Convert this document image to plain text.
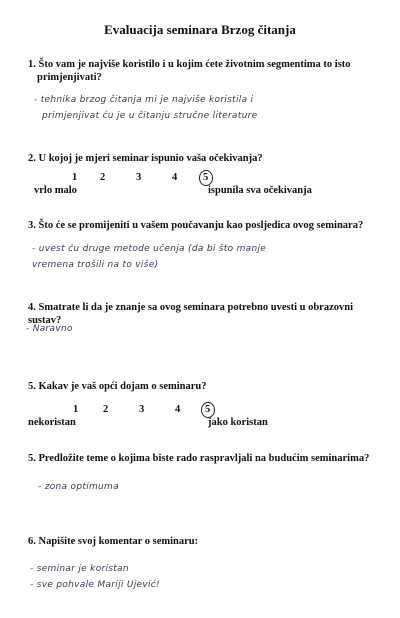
Evaluacija seminara Brzog čitanja
1. Što vam je najviše koristilo i u kojim ćete životnim segmentima to isto
primjenjivati?
- tehnika brzog čitanja mi je najviše koristila i
primjenjivat ću je u čitanju stručne literature
2. U kojoj je mjeri seminar ispunio vaša očekivanja?
1 2	3	4 5
vrlo malo	ispunila sva očekivanja
3. Što će se promijeniti u vašem poučavanju kao posljedica ovog seminara?
- uvest ću druge metode učenja (da bi što manje
vremena trošili na to više)
4. Smatrate li da je znanje sa ovog seminara potrebno uvesti u obrazovni sustav?
- Naravno
5. Kakav je vaš opći dojam o seminaru?
1 2	3	4 5
nekoristan	jako koristan
5. Predložite teme o kojima biste rado raspravljali na budućim seminarima?
- zona optimuma
6. Napišite svoj komentar o seminaru:
- seminar je koristan
- sve pohvale Mariji Ujević!
